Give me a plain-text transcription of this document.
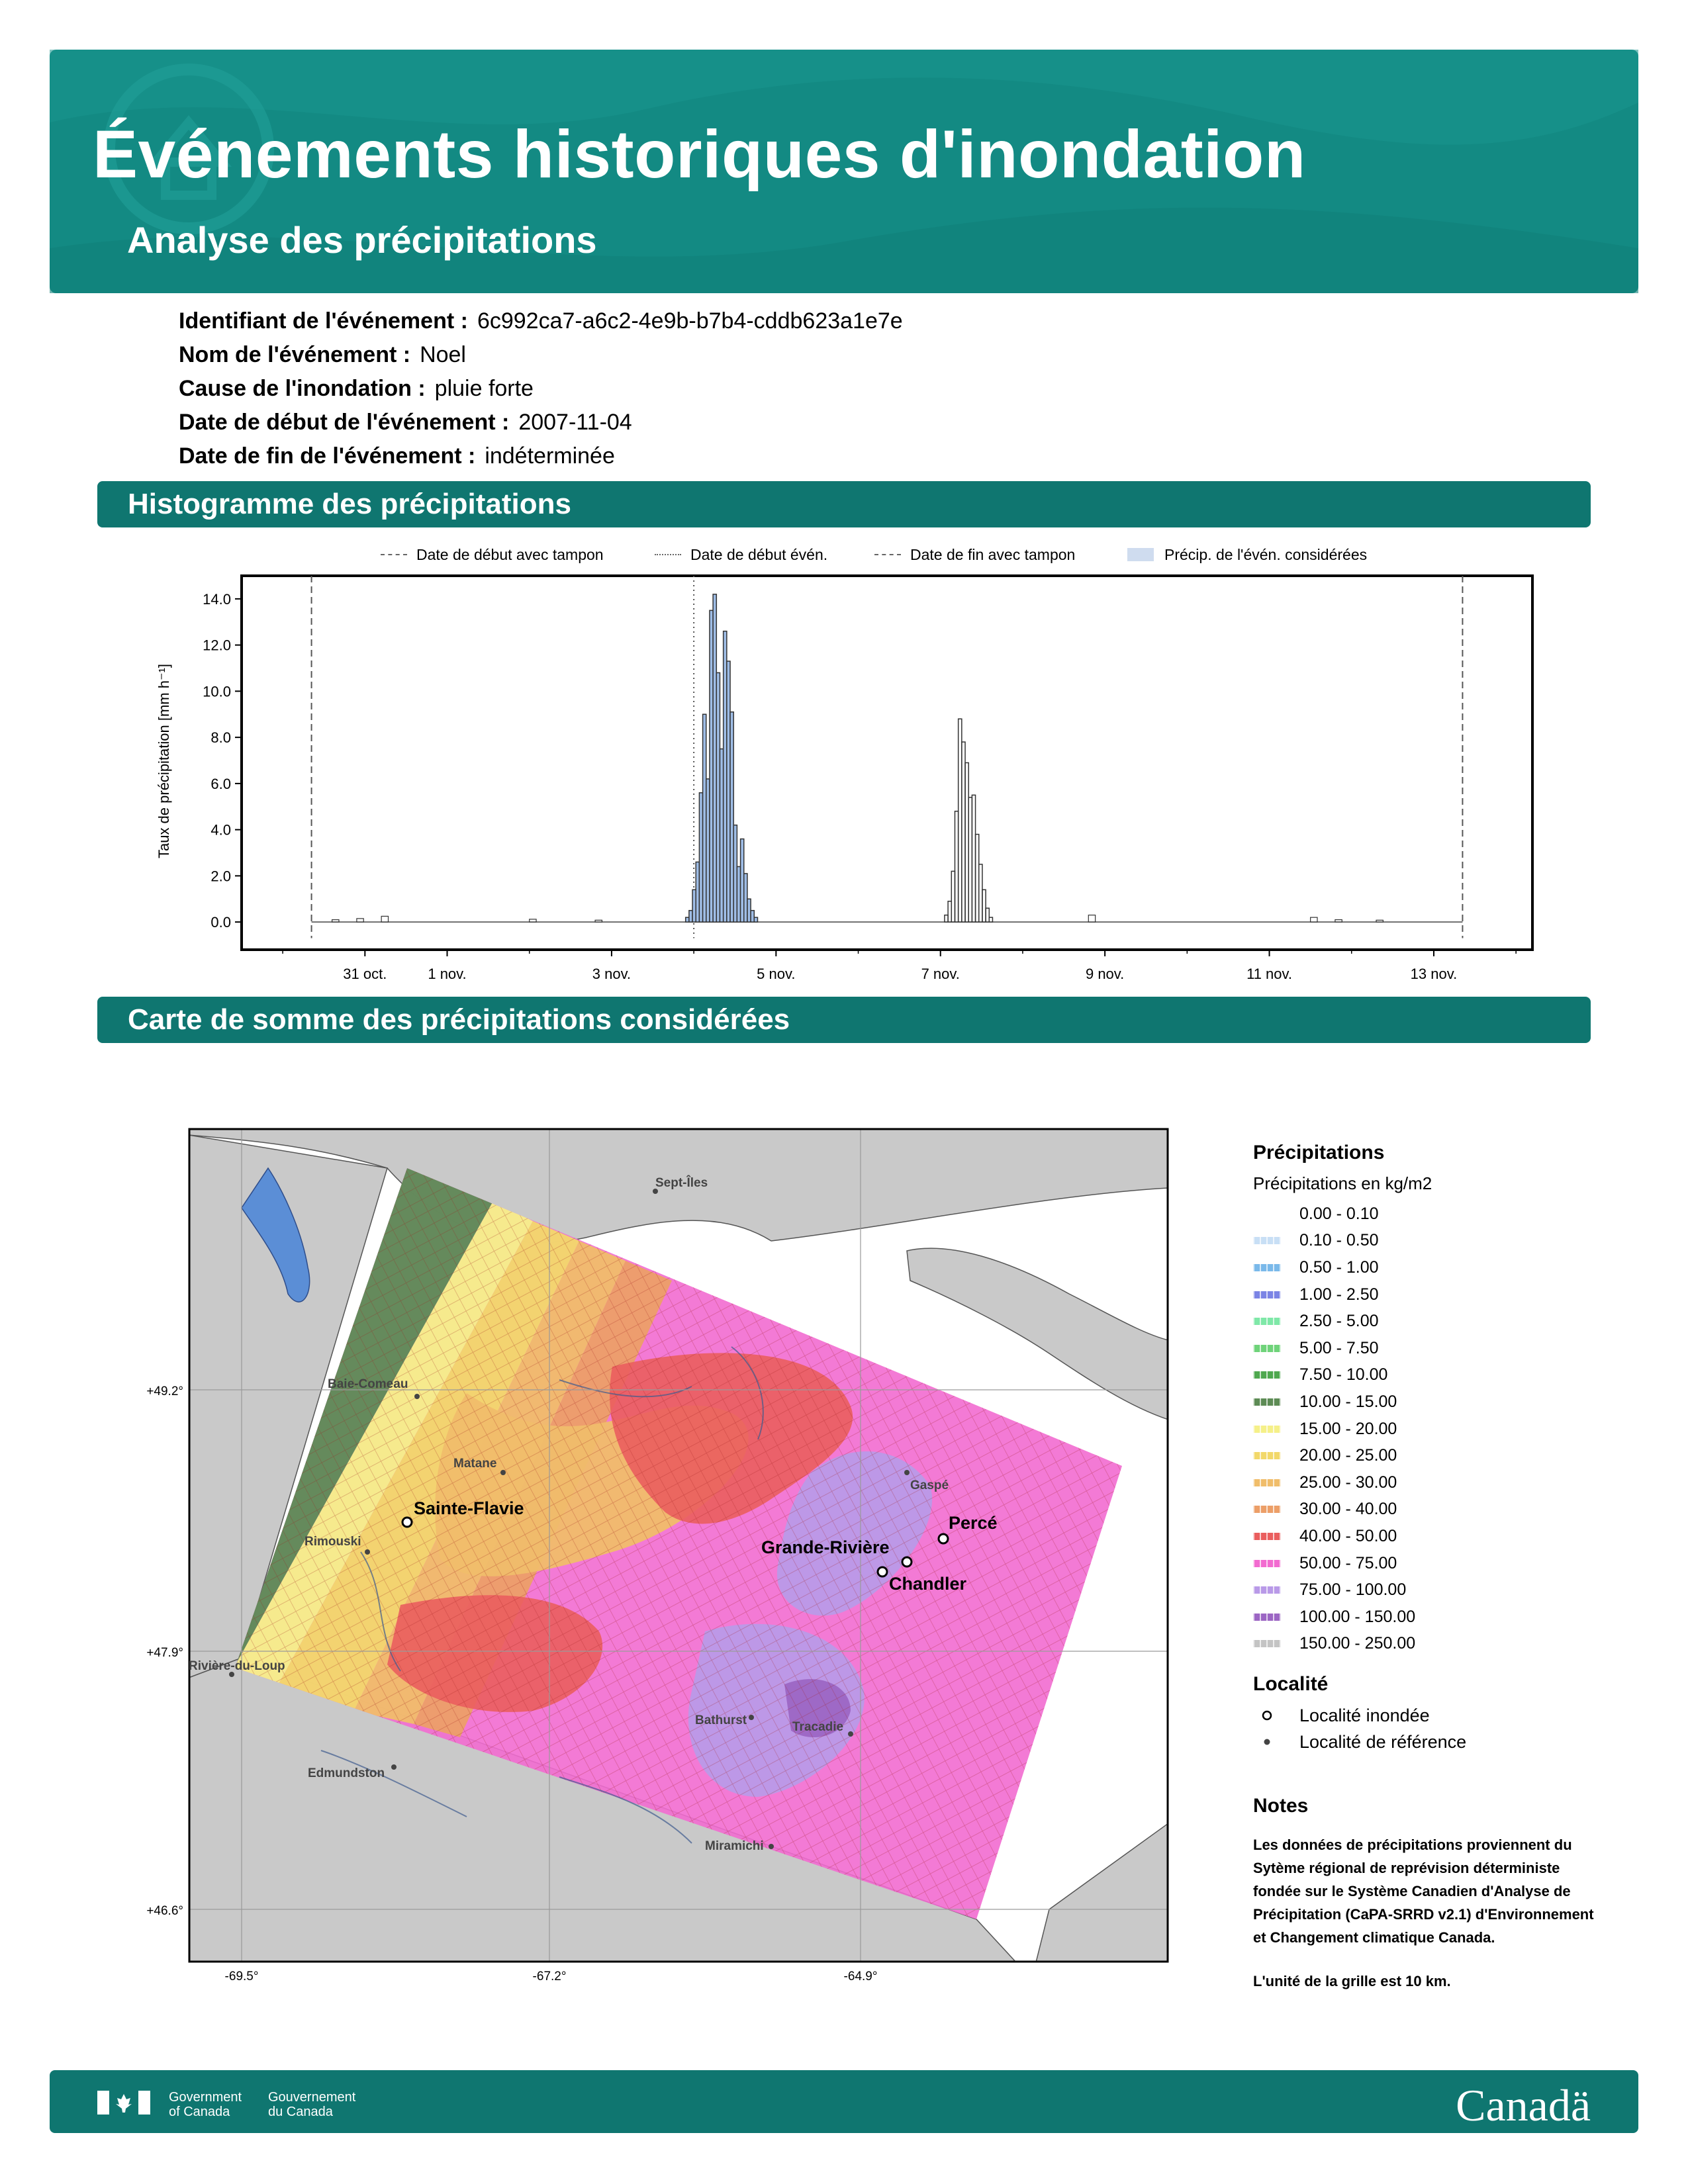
Événements historiques d'inondation
Analyse des précipitations
Identifiant de l'événement : 6c992ca7-a6c2-4e9b-b7b4-cddb623a1e7e
Nom de l'événement : Noel
Cause de l'inondation : pluie forte
Date de début de l'événement : 2007-11-04
Date de fin de l'événement : indéterminée
Histogramme des précipitations
Date de début avec tampon	Date de début évén.	Date de fin avec tampon	Précip. de l'évén. considérées
Taux de précipitation [mm h⁻¹]
0.0
2.0
4.0
6.0
8.0
10.0
12.0
14.0
31 oct.	1 nov.	3 nov.	5 nov.	7 nov.	9 nov.	11 nov.	13 nov.
Carte de somme des précipitations considérées
+49.2°
+47.9°
+46.6°
-69.5°	-67.2°	-64.9°
Sept-Îles
Baie-Comeau
Matane
Rimouski
Rivière-du-Loup
Edmundston
Gaspé
Bathurst	Tracadie
Miramichi
Sainte-Flavie
Grande-Rivière
Percé
Chandler
Précipitations
Précipitations en kg/m2
0.00 - 0.10
0.10 - 0.50
0.50 - 1.00
1.00 - 2.50
2.50 - 5.00
5.00 - 7.50
7.50 - 10.00
10.00 - 15.00
15.00 - 20.00
20.00 - 25.00
25.00 - 30.00
30.00 - 40.00
40.00 - 50.00
50.00 - 75.00
75.00 - 100.00
100.00 - 150.00
150.00 - 250.00
Localité
Localité inondée
Localité de référence
Notes
Les données de précipitations proviennent du Sytème régional de reprévision déterministe fondée sur le Système Canadien d'Analyse de Précipitation (CaPA-SRRD v2.1) d'Environnement et Changement climatique Canada.
L'unité de la grille est 10 km.
Government
of Canada
Gouvernement
du Canada	Canadä
